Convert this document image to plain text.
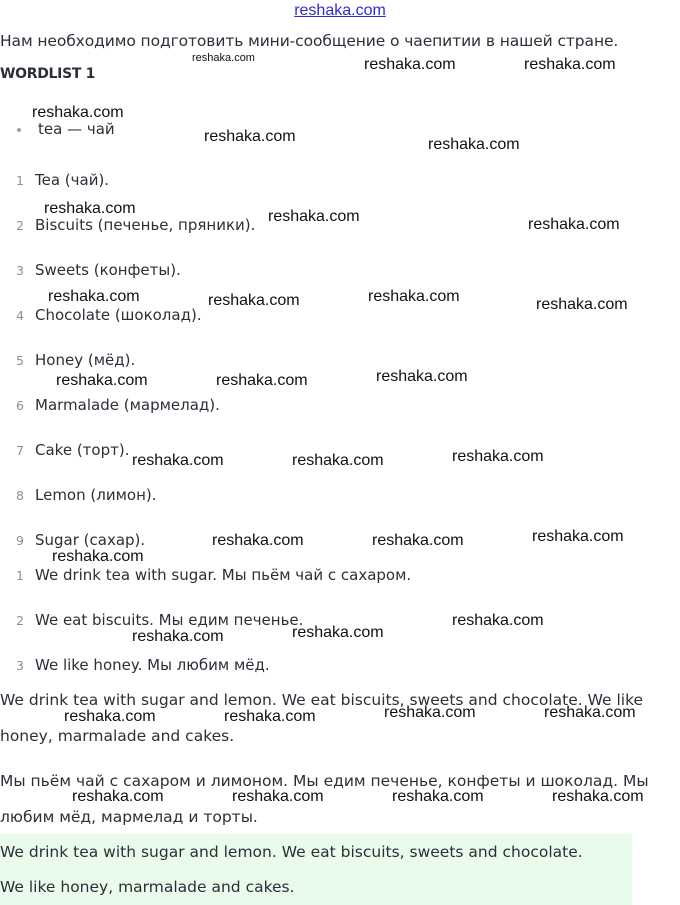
reshaka.com
Нам необходимо подготовить мини-сообщение о чаепитии в нашей стране.
WORDLIST 1
tea — чай
1 Tea (чай).
2 Biscuits (печенье, пряники).
3 Sweets (конфеты).
4 Chocolate (шоколад).
5 Honey (мёд).
6 Marmalade (мармелад).
7 Cake (торт).
8 Lemon (лимон).
9 Sugar (сахар).
1 We drink tea with sugar. Мы пьём чай с сахаром.
2 We eat biscuits. Мы едим печенье.
3 We like honey. Мы любим мёд.
We drink tea with sugar and lemon. We eat biscuits, sweets and chocolate. We like honey, marmalade and cakes.
Мы пьём чай с сахаром и лимоном. Мы едим печенье, конфеты и шоколад. Мы любим мёд, мармелад и торты.
We drink tea with sugar and lemon. We eat biscuits, sweets and chocolate.
We like honey, marmalade and cakes.
reshaka.com	reshaka.com	reshaka.com
reshaka.com
reshaka.com	reshaka.com
reshaka.com	reshaka.com	reshaka.com
reshaka.com	reshaka.com	reshaka.com	reshaka.com
reshaka.com	reshaka.com	reshaka.com
reshaka.com	reshaka.com	reshaka.com
reshaka.com	reshaka.com	reshaka.com
reshaka.com
reshaka.com
reshaka.com	reshaka.com
reshaka.com	reshaka.com	reshaka.com	reshaka.com
reshaka.com	reshaka.com	reshaka.com	reshaka.com
